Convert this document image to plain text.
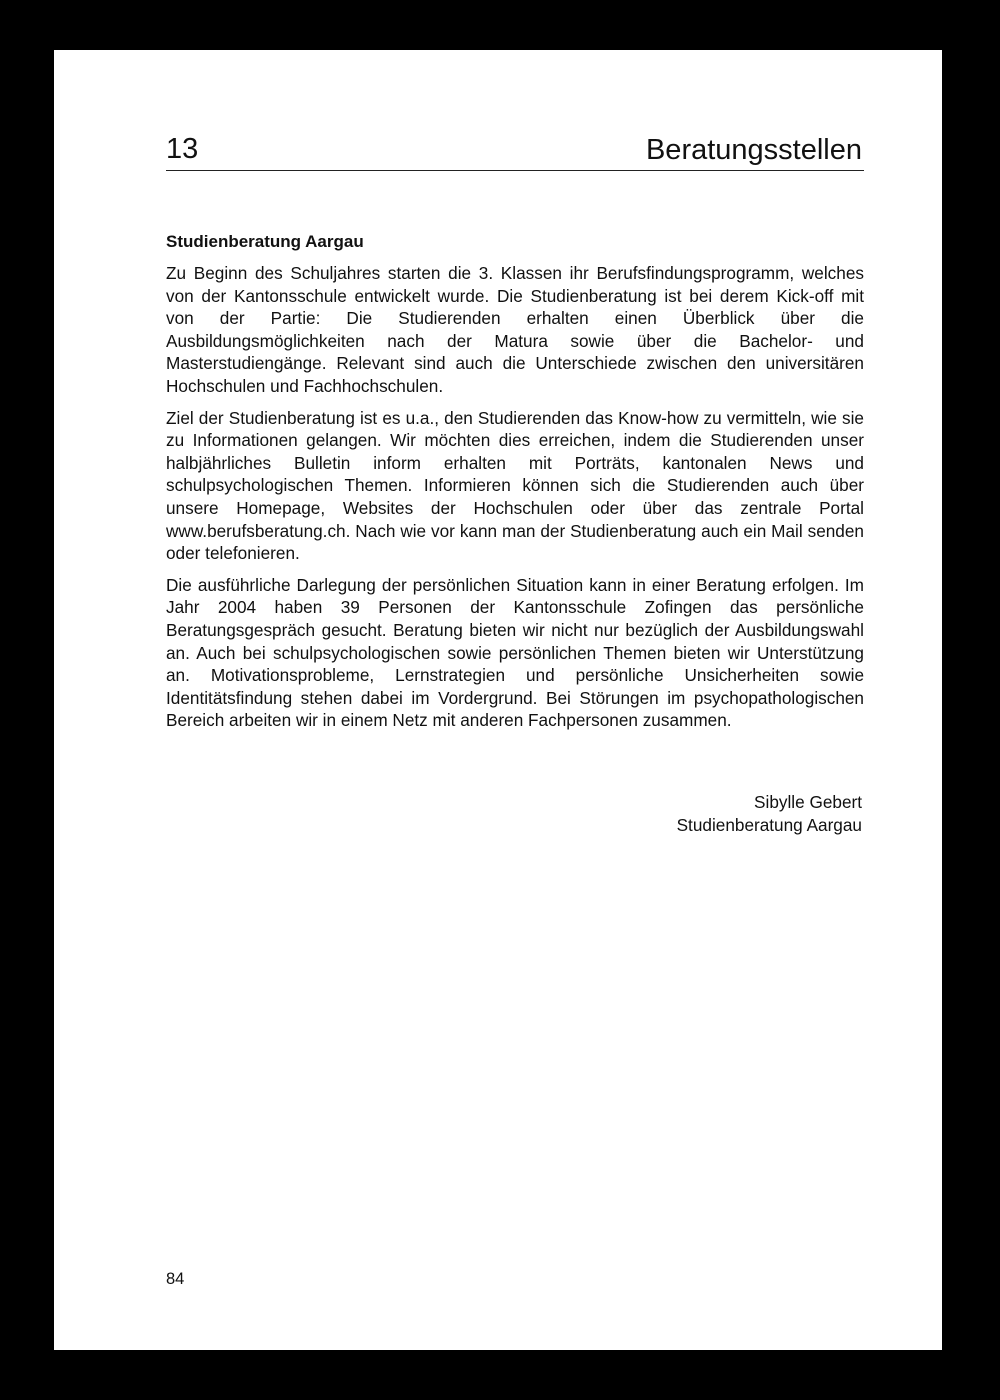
13	Beratungsstellen
Studienberatung Aargau

Zu Beginn des Schuljahres starten die 3. Klassen ihr Berufsfindungsprogramm, welches von der Kantonsschule entwickelt wurde. Die Studienberatung ist bei derem Kick-off mit von der Partie: Die Studierenden erhalten einen Überblick über die Ausbildungsmöglichkeiten nach der Matura sowie über die Bachelor- und Masterstudiengänge. Relevant sind auch die Unterschiede zwischen den universitären Hochschulen und Fachhochschulen.

Ziel der Studienberatung ist es u.a., den Studierenden das Know-how zu vermitteln, wie sie zu Informationen gelangen. Wir möchten dies erreichen, indem die Studierenden unser halbjährliches Bulletin inform erhalten mit Porträts, kantonalen News und schulpsychologischen Themen. Informieren können sich die Studierenden auch über unsere Homepage, Websites der Hochschulen oder über das zentrale Portal www.berufsberatung.ch. Nach wie vor kann man der Studienberatung auch ein Mail senden oder telefonieren.

Die ausführliche Darlegung der persönlichen Situation kann in einer Beratung erfolgen. Im Jahr 2004 haben 39 Personen der Kantonsschule Zofingen das persönliche Beratungsgespräch gesucht. Beratung bieten wir nicht nur bezüglich der Ausbildungswahl an. Auch bei schulpsychologischen sowie persönlichen Themen bieten wir Unterstützung an. Motivationsprobleme, Lernstrategien und persönliche Unsicherheiten sowie Identitätsfindung stehen dabei im Vordergrund. Bei Störungen im psychopathologischen Bereich arbeiten wir in einem Netz mit anderen Fachpersonen zusammen.

Sibylle Gebert
Studienberatung Aargau
84
